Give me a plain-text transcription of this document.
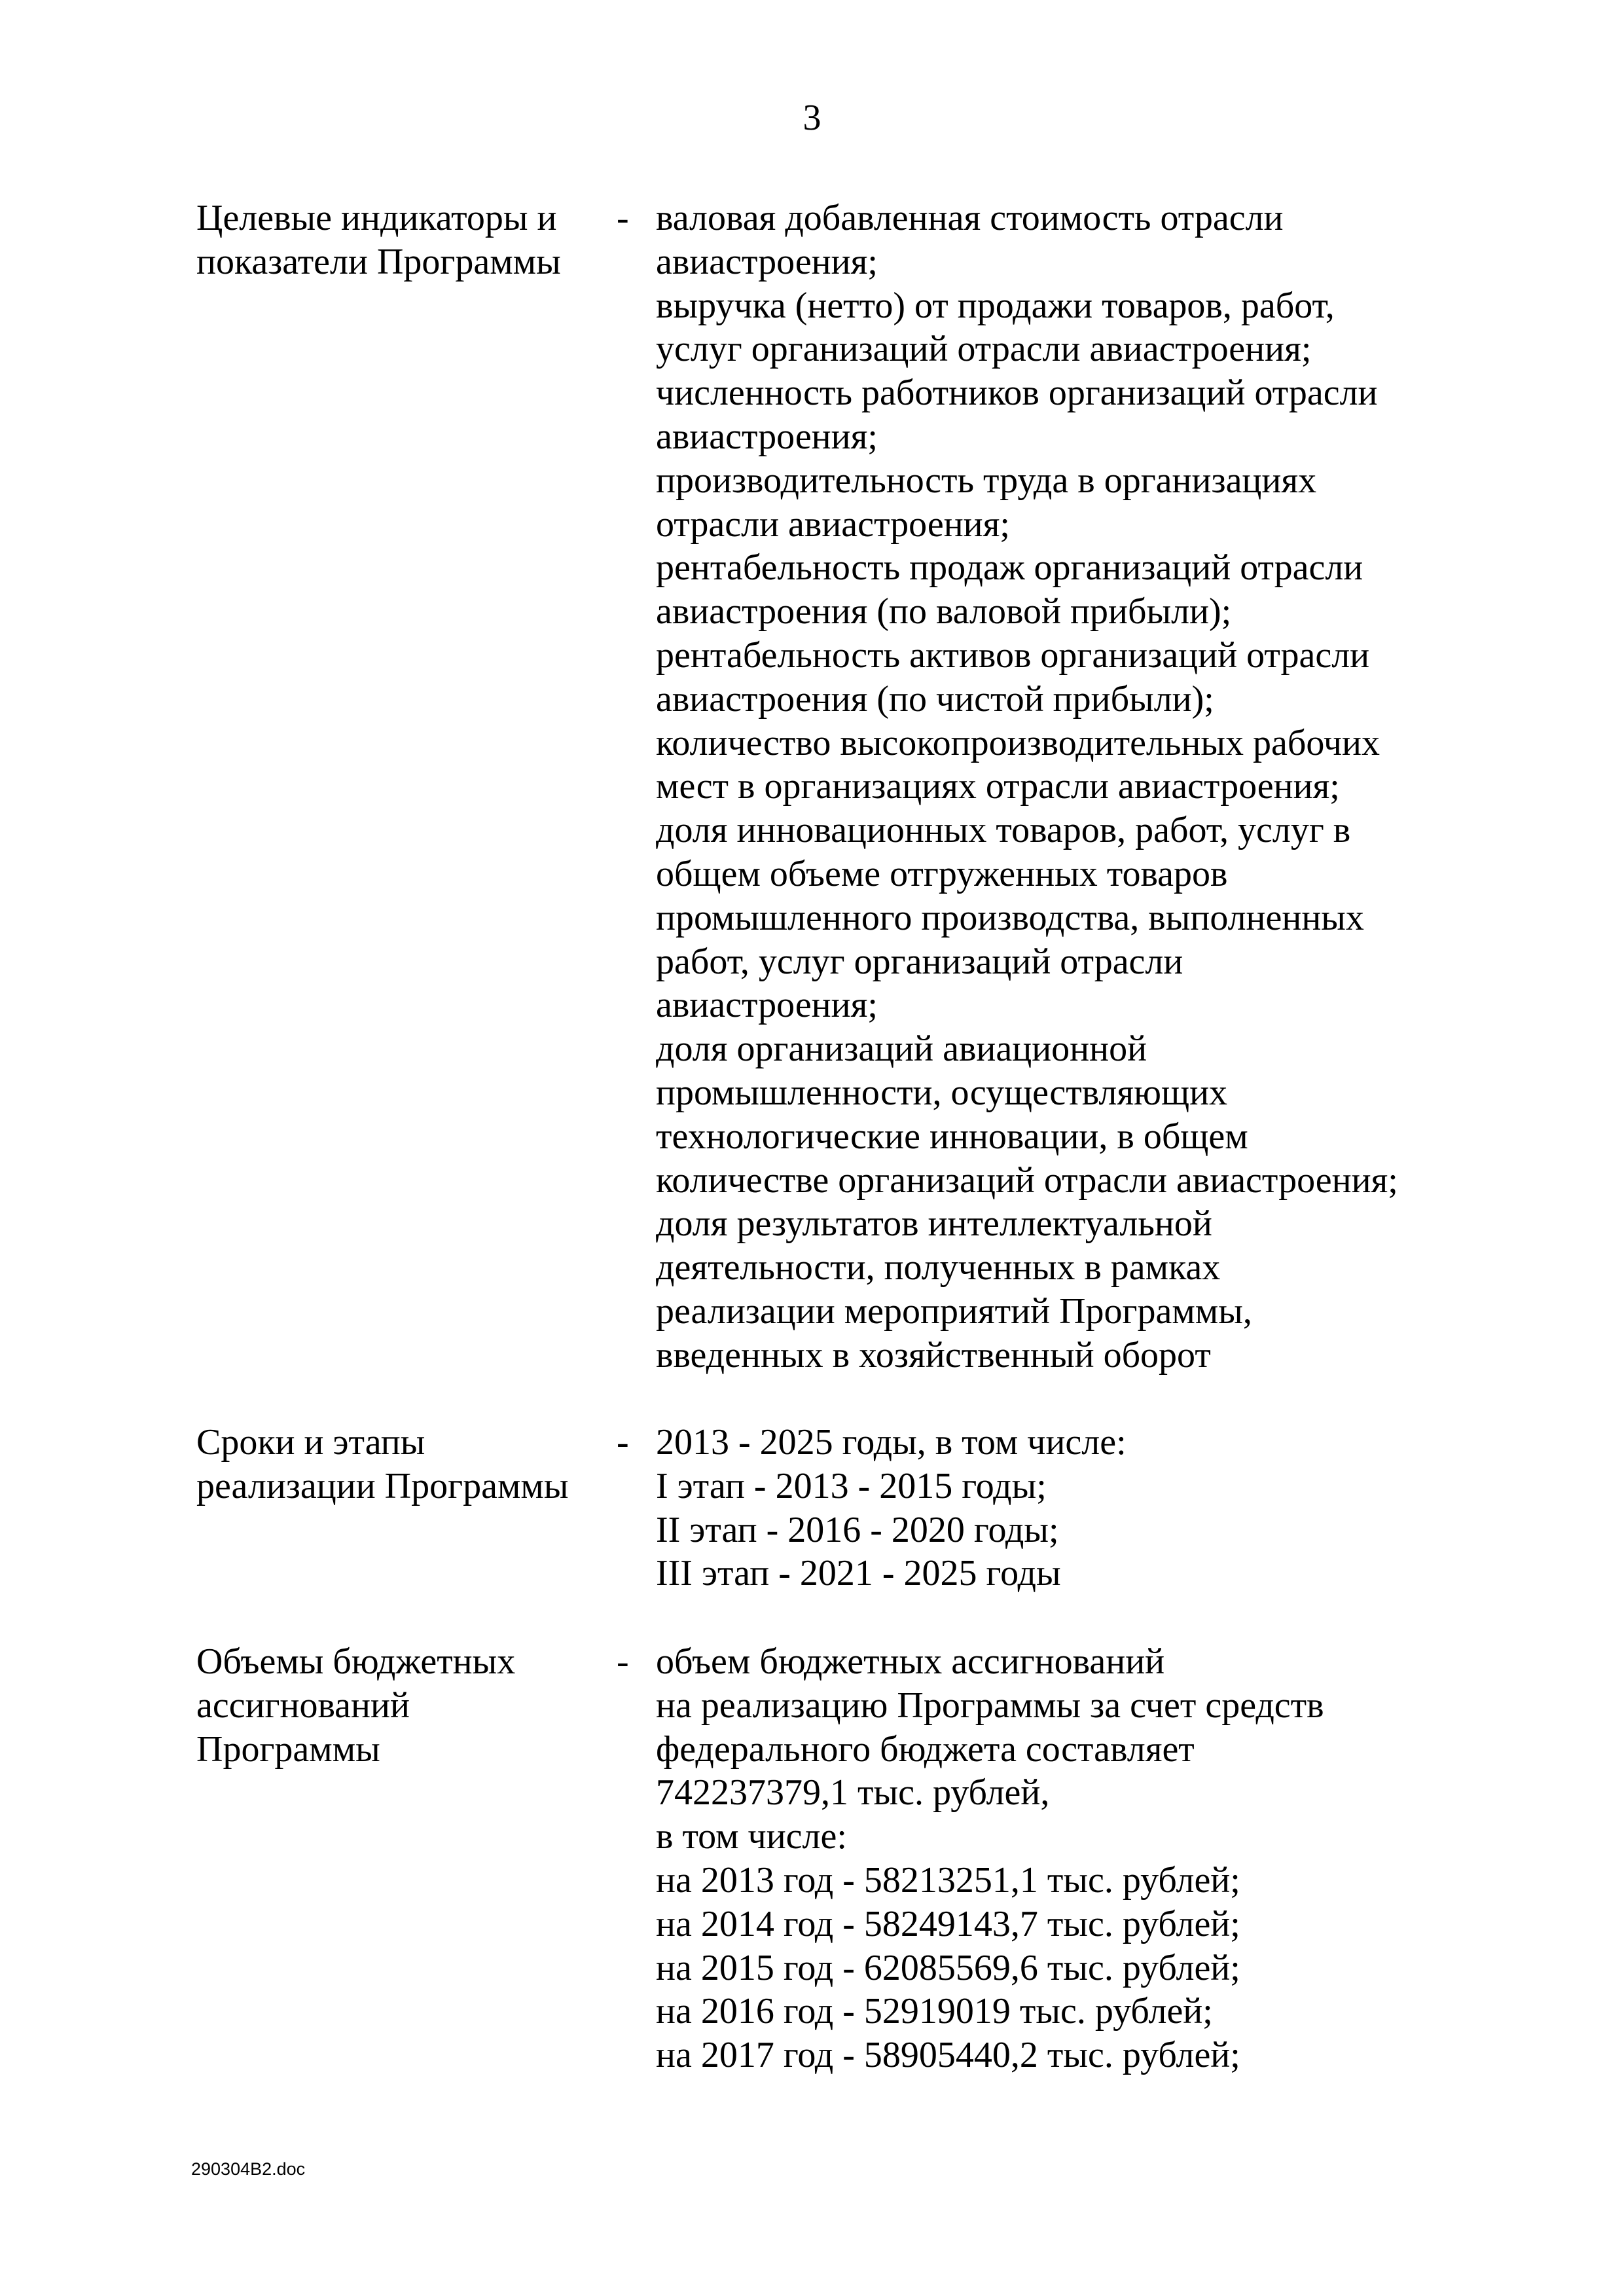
3
Целевые индикаторы и
показатели Программы
- валовая добавленная стоимость отрасли
авиастроения;
выручка (нетто) от продажи товаров, работ,
услуг организаций отрасли авиастроения;
численность работников организаций отрасли
авиастроения;
производительность труда в организациях
отрасли авиастроения;
рентабельность продаж организаций отрасли
авиастроения (по валовой прибыли);
рентабельность активов организаций отрасли
авиастроения (по чистой прибыли);
количество высокопроизводительных рабочих
мест в организациях отрасли авиастроения;
доля инновационных товаров, работ, услуг в
общем объеме отгруженных товаров
промышленного производства, выполненных
работ, услуг организаций отрасли
авиастроения;
доля организаций авиационной
промышленности, осуществляющих
технологические инновации, в общем
количестве организаций отрасли авиастроения;
доля результатов интеллектуальной
деятельности, полученных в рамках
реализации мероприятий Программы,
введенных в хозяйственный оборот
Сроки и этапы
реализации Программы
- 2013 - 2025 годы, в том числе:
I этап - 2013 - 2015 годы;
II этап - 2016 - 2020 годы;
III этап - 2021 - 2025 годы
Объемы бюджетных
ассигнований
Программы
- объем бюджетных ассигнований
на реализацию Программы за счет средств
федерального бюджета составляет
742237379,1 тыс. рублей,
в том числе:
на 2013 год - 58213251,1 тыс. рублей;
на 2014 год - 58249143,7 тыс. рублей;
на 2015 год - 62085569,6 тыс. рублей;
на 2016 год - 52919019 тыс. рублей;
на 2017 год - 58905440,2 тыс. рублей;
290304B2.doc
